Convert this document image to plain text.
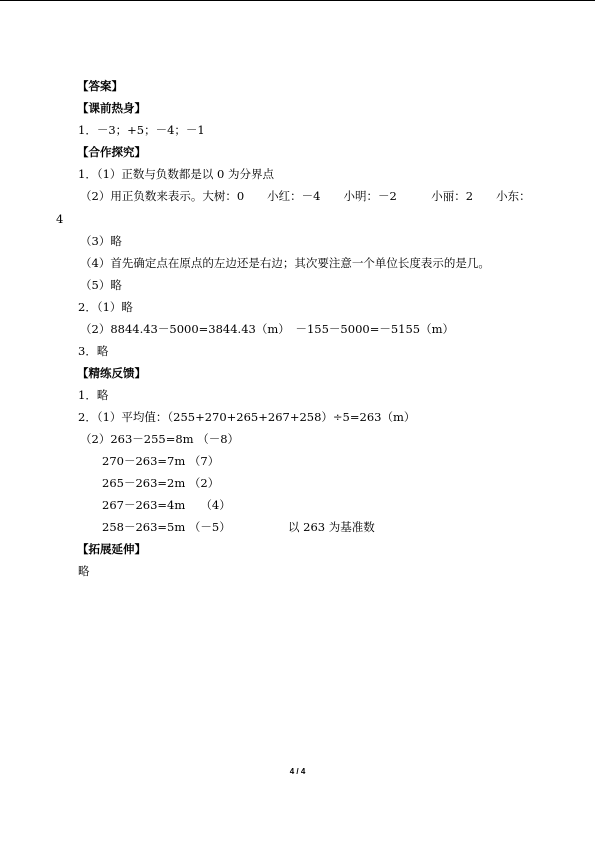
【答案】
【课前热身】
1．－3；+5；－4；－1
【合作探究】
1．（1）正数与负数都是以 0 为分界点
（2）用正负数来表示。大树：0　　小红：－4　　小明：－2　　　小丽：2　　小东：
4
（3）略
（4）首先确定点在原点的左边还是右边；其次要注意一个单位长度表示的是几。
（5）略
2．（1）略
（2）8844.43－5000=3844.43（m）　－155－5000=－5155（m）
3．略
【精练反馈】
1．略
2．（1）平均值：（255+270+265+267+258）÷5=263（m）
（2）263－255=8m （－8）
270－263=7m （7）
265－263=2m （2）
267－263=4m　 （4）
258－263=5m （－5）	以 263 为基准数
【拓展延伸】
略
4 / 4
